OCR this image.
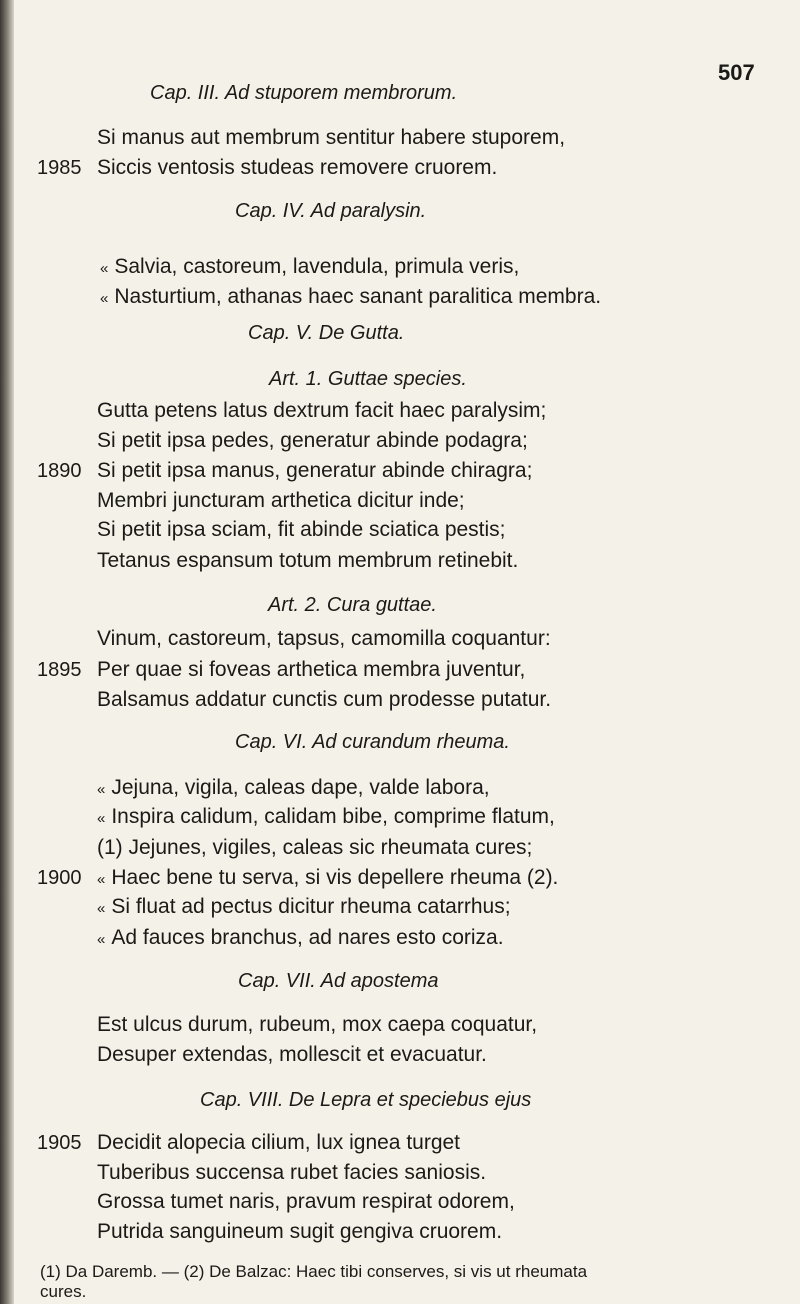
507
Cap. III. Ad stuporem membrorum.
Si manus aut membrum sentitur habere stuporem,
1985 Siccis ventosis studeas removere cruorem.
Cap. IV. Ad paralysin.
« Salvia, castoreum, lavendula, primula veris,
« Nasturtium, athanas haec sanant paralitica membra.
Cap. V. De Gutta.
Art. 1. Guttae species.
Gutta petens latus dextrum facit haec paralysim;
Si petit ipsa pedes, generatur abinde podagra;
1890 Si petit ipsa manus, generatur abinde chiragra;
Membri juncturam arthetica dicitur inde;
Si petit ipsa sciam, fit abinde sciatica pestis;
Tetanus espansum totum membrum retinebit.
Art. 2. Cura guttae.
Vinum, castoreum, tapsus, camomilla coquantur:
1895 Per quae si foveas arthetica membra juventur,
Balsamus addatur cunctis cum prodesse putatur.
Cap. VI. Ad curandum rheuma.
« Jejuna, vigila, caleas dape, valde labora,
« Inspira calidum, calidam bibe, comprime flatum,
(1) Jejunes, vigiles, caleas sic rheumata cures;
1900 « Haec bene tu serva, si vis depellere rheuma (2).
« Si fluat ad pectus dicitur rheuma catarrhus;
« Ad fauces branchus, ad nares esto coriza.
Cap. VII. Ad apostema
Est ulcus durum, rubeum, mox caepa coquatur,
Desuper extendas, mollescit et evacuatur.
Cap. VIII. De Lepra et speciebus ejus
1905 Decidit alopecia cilium, lux ignea turget
Tuberibus succensa rubet facies saniosis.
Grossa tumet naris, pravum respirat odorem,
Putrida sanguineum sugit gengiva cruorem.
(1) Da Daremb. — (2) De Balzac: Haec tibi conserves, si vis ut rheumata
cures.
